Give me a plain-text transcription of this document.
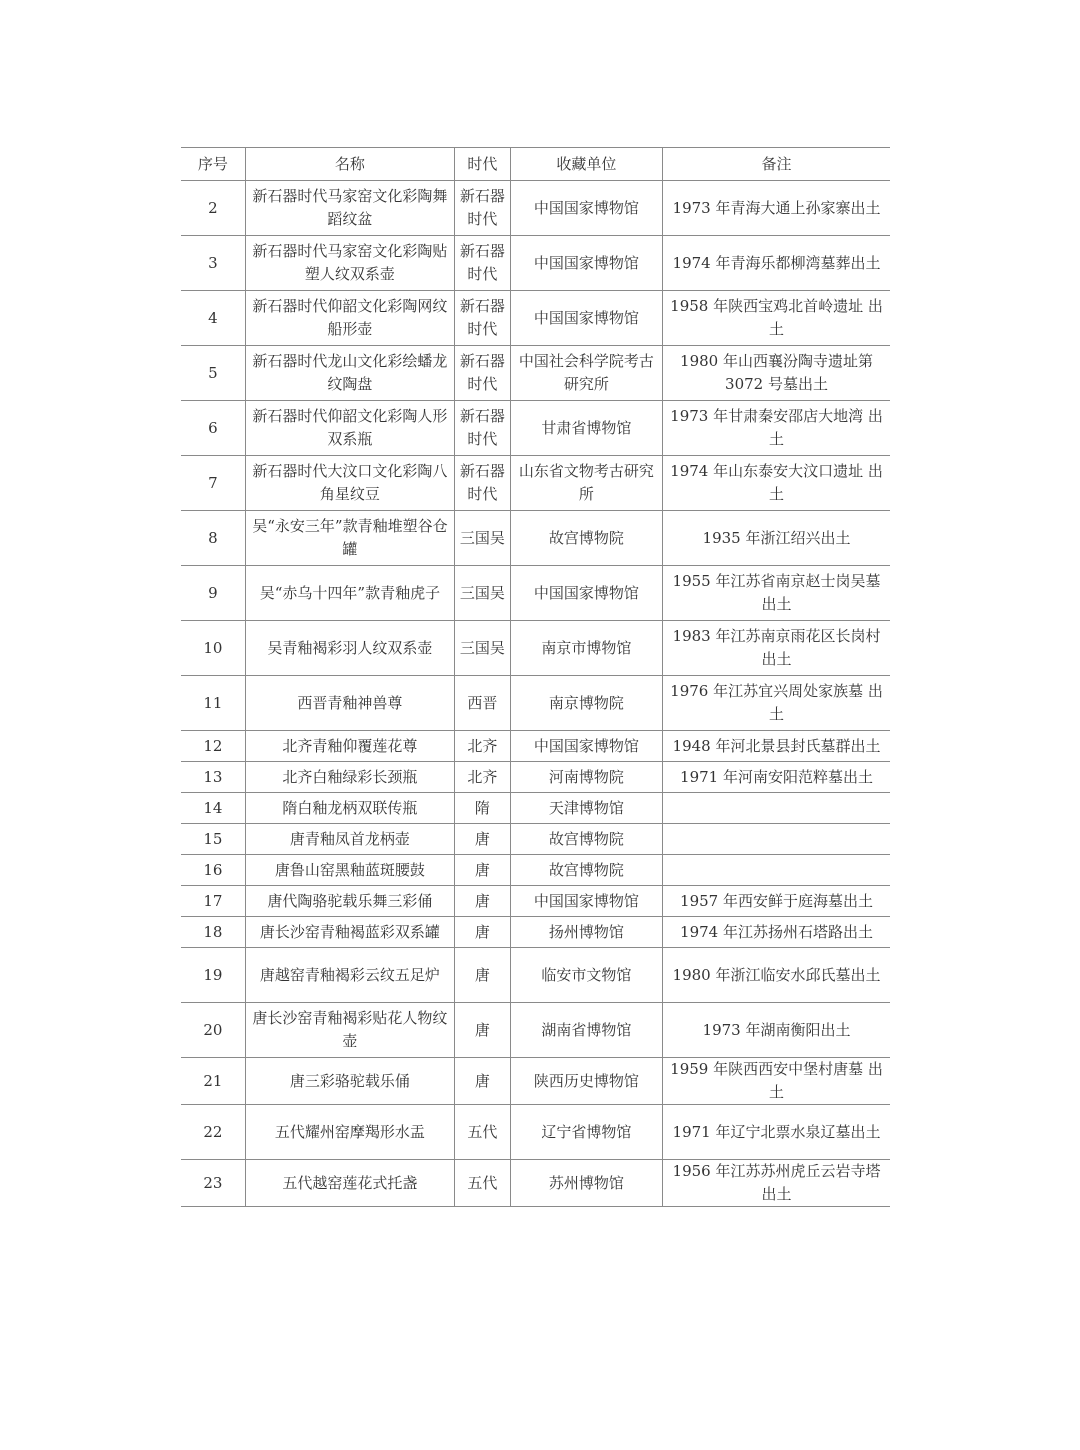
序号	名称	时代	收藏单位	备注
2	新石器时代马家窑文化彩陶舞蹈纹盆	新石器时代	中国国家博物馆	1973 年青海大通上孙家寨出土
3	新石器时代马家窑文化彩陶贴塑人纹双系壶	新石器时代	中国国家博物馆	1974 年青海乐都柳湾墓葬出土
4	新石器时代仰韶文化彩陶网纹船形壶	新石器时代	中国国家博物馆	1958 年陕西宝鸡北首岭遗址 出土
5	新石器时代龙山文化彩绘蟠龙纹陶盘	新石器时代	中国社会科学院考古研究所	1980 年山西襄汾陶寺遗址第3072 号墓出土
6	新石器时代仰韶文化彩陶人形双系瓶	新石器时代	甘肃省博物馆	1973 年甘肃秦安邵店大地湾 出土
7	新石器时代大汶口文化彩陶八角星纹豆	新石器时代	山东省文物考古研究所	1974 年山东泰安大汶口遗址 出土
8	吴“永安三年”款青釉堆塑谷仓罐	三国吴	故宫博物院	1935 年浙江绍兴出土
9	吴“赤乌十四年”款青釉虎子	三国吴	中国国家博物馆	1955 年江苏省南京赵士岗吴墓 出土
10	吴青釉褐彩羽人纹双系壶	三国吴	南京市博物馆	1983 年江苏南京雨花区长岗村 出土
11	西晋青釉神兽尊	西晋	南京博物院	1976 年江苏宜兴周处家族墓 出土
12	北齐青釉仰覆莲花尊	北齐	中国国家博物馆	1948 年河北景县封氏墓群出土
13	北齐白釉绿彩长颈瓶	北齐	河南博物院	1971 年河南安阳范粹墓出土
14	隋白釉龙柄双联传瓶	隋	天津博物馆	
15	唐青釉凤首龙柄壶	唐	故宫博物院	
16	唐鲁山窑黑釉蓝斑腰鼓	唐	故宫博物院	
17	唐代陶骆驼载乐舞三彩俑	唐	中国国家博物馆	1957 年西安鲜于庭海墓出土
18	唐长沙窑青釉褐蓝彩双系罐	唐	扬州博物馆	1974 年江苏扬州石塔路出土
19	唐越窑青釉褐彩云纹五足炉	唐	临安市文物馆	1980 年浙江临安水邱氏墓出土
20	唐长沙窑青釉褐彩贴花人物纹壶	唐	湖南省博物馆	1973 年湖南衡阳出土
21	唐三彩骆驼载乐俑	唐	陕西历史博物馆	1959 年陕西西安中堡村唐墓 出土
22	五代耀州窑摩羯形水盂	五代	辽宁省博物馆	1971 年辽宁北票水泉辽墓出土
23	五代越窑莲花式托盏	五代	苏州博物馆	1956 年江苏苏州虎丘云岩寺塔 出土
